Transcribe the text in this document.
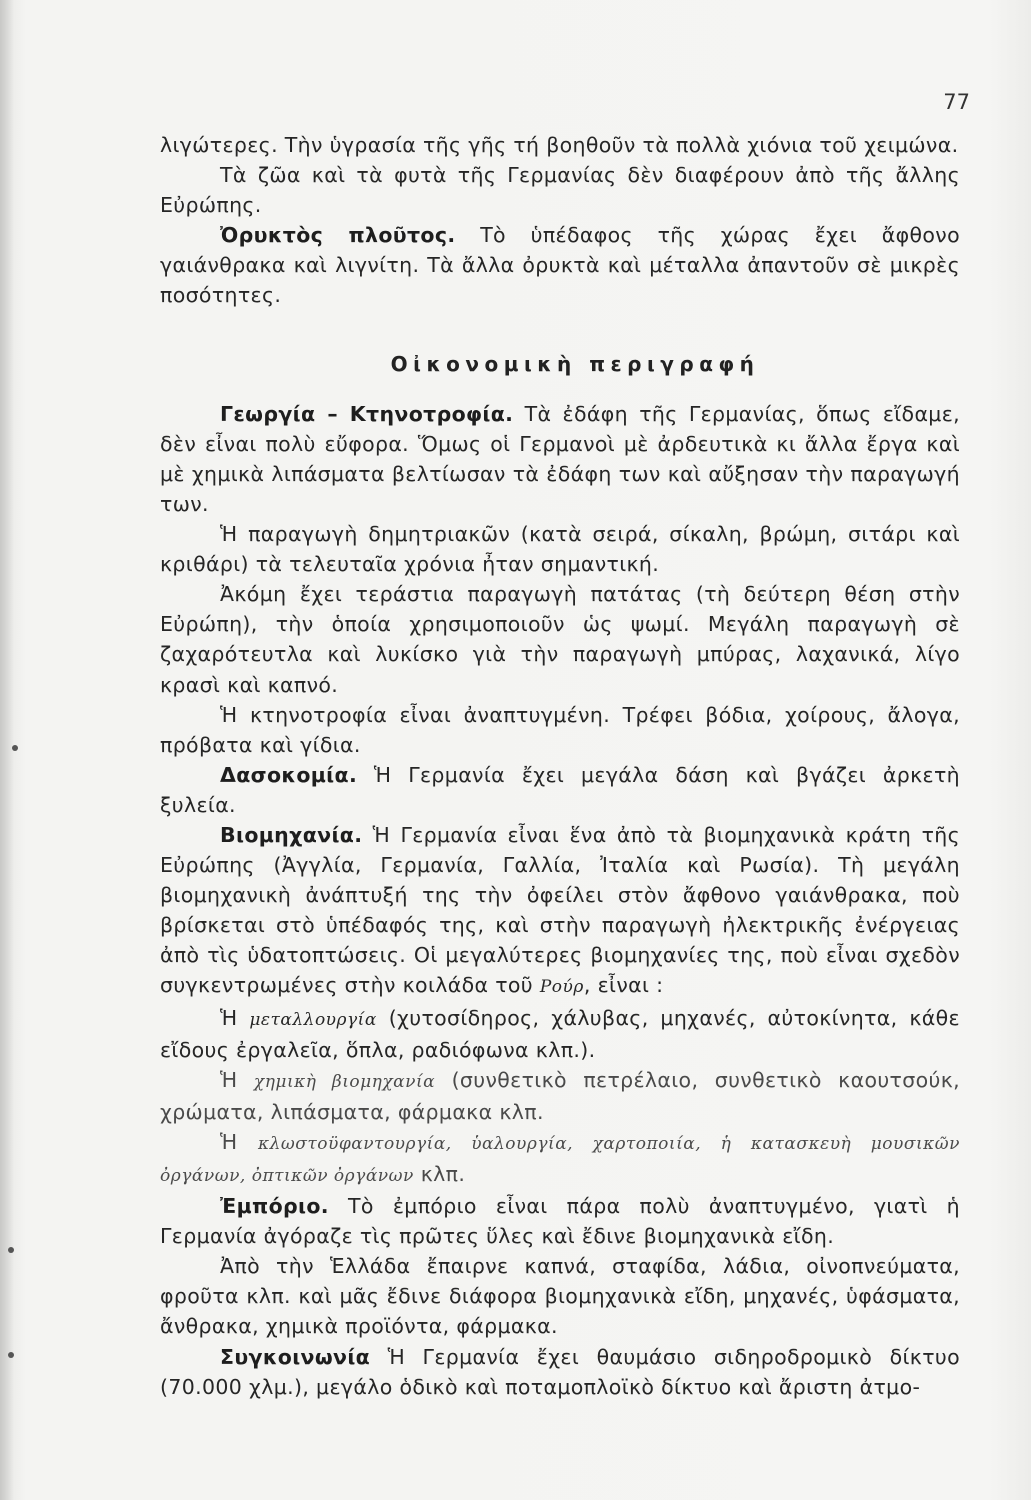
77

λιγώτερες. Τὴν ὑγρασία τῆς γῆς τή βοηθοῦν τὰ πολλὰ χιόνια τοῦ χειμώνα.

Τὰ ζῶα καὶ τὰ φυτὰ τῆς Γερμανίας δὲν διαφέρουν ἀπὸ τῆς ἄλλης Εὐρώπης.

Ὀρυκτὸς πλοῦτος. Τὸ ὑπέδαφος τῆς χώρας ἔχει ἄφθονο γαιάνθρακα καὶ λιγνίτη. Τὰ ἄλλα ὀρυκτὰ καὶ μέταλλα ἀπαντοῦν σὲ μικρὲς ποσότητες.

Οἰκονομικὴ περιγραφή

Γεωργία – Κτηνοτροφία. Τὰ ἐδάφη τῆς Γερμανίας, ὅπως εἴδαμε, δὲν εἶναι πολὺ εὔφορα. Ὅμως οἱ Γερμανοὶ μὲ ἀρδευτικὰ κι ἄλλα ἔργα καὶ μὲ χημικὰ λιπάσματα βελτίωσαν τὰ ἐδάφη των καὶ αὔξησαν τὴν παραγωγή των.

Ἡ παραγωγὴ δημητριακῶν (κατὰ σειρά, σίκαλη, βρώμη, σιτάρι καὶ κριθάρι) τὰ τελευταῖα χρόνια ἦταν σημαντική.

Ἀκόμη ἔχει τεράστια παραγωγὴ πατάτας (τὴ δεύτερη θέση στὴν Εὐρώπη), τὴν ὁποία χρησιμοποιοῦν ὡς ψωμί. Μεγάλη παραγωγὴ σὲ ζαχαρότευτλα καὶ λυκίσκο γιὰ τὴν παραγωγὴ μπύρας, λαχανικά, λίγο κρασὶ καὶ καπνό.

Ἡ κτηνοτροφία εἶναι ἀναπτυγμένη. Τρέφει βόδια, χοίρους, ἄλογα, πρόβατα καὶ γίδια.

Δασοκομία. Ἡ Γερμανία ἔχει μεγάλα δάση καὶ βγάζει ἀρκετὴ ξυλεία.

Βιομηχανία. Ἡ Γερμανία εἶναι ἕνα ἀπὸ τὰ βιομηχανικὰ κράτη τῆς Εὐρώπης (Ἀγγλία, Γερμανία, Γαλλία, Ἰταλία καὶ Ρωσία). Τὴ μεγάλη βιομηχανικὴ ἀνάπτυξή της τὴν ὀφείλει στὸν ἄφθονο γαιάνθρακα, ποὺ βρίσκεται στὸ ὑπέδαφός της, καὶ στὴν παραγωγὴ ἠλεκτρικῆς ἐνέργειας ἀπὸ τὶς ὑδατοπτώσεις. Οἱ μεγαλύτερες βιομηχανίες της, ποὺ εἶναι σχεδὸν συγκεντρωμένες στὴν κοιλάδα τοῦ Ρούρ, εἶναι :

Ἡ μεταλλουργία (χυτοσίδηρος, χάλυβας, μηχανές, αὐτοκίνητα, κάθε εἴδους ἐργαλεῖα, ὅπλα, ραδιόφωνα κλπ.).

Ἡ χημικὴ βιομηχανία (συνθετικὸ πετρέλαιο, συνθετικὸ καουτσούκ, χρώματα, λιπάσματα, φάρμακα κλπ.

Ἡ κλωστοϋφαντουργία, ὑαλουργία, χαρτοποιία, ἡ κατασκευὴ μουσικῶν ὀργάνων, ὀπτικῶν ὀργάνων κλπ.

Ἐμπόριο. Τὸ ἐμπόριο εἶναι πάρα πολὺ ἀναπτυγμένο, γιατὶ ἡ Γερμανία ἀγόραζε τὶς πρῶτες ὕλες καὶ ἔδινε βιομηχανικὰ εἴδη.

Ἀπὸ τὴν Ἑλλάδα ἔπαιρνε καπνά, σταφίδα, λάδια, οἰνοπνεύματα, φροῦτα κλπ. καὶ μᾶς ἔδινε διάφορα βιομηχανικὰ εἴδη, μηχανές, ὑφάσματα, ἄνθρακα, χημικὰ προϊόντα, φάρμακα.

Συγκοινωνία Ἡ Γερμανία ἔχει θαυμάσιο σιδηροδρομικὸ δίκτυο (70.000 χλμ.), μεγάλο ὁδικὸ καὶ ποταμοπλοϊκὸ δίκτυο καὶ ἄριστη ἀτμο-
